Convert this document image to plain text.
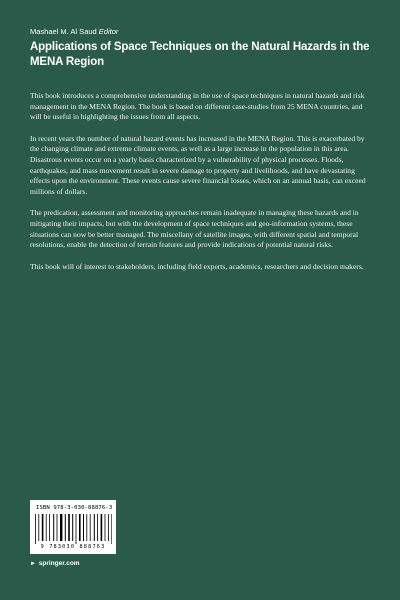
Mashael M. Al Saud Editor
Applications of Space Techniques on the Natural Hazards in the MENA Region

This book introduces a comprehensive understanding in the use of space techniques in natural hazards and risk management in the MENA Region. The book is based on different case-studies from 25 MENA countries, and will be useful in highlighting the issues from all aspects.

In recent years the number of natural hazard events has increased in the MENA Region. This is exacerbated by the changing climate and extreme climate events, as well as a large increase in the population in this area. Disastrous events occur on a yearly basis characterized by a vulnerability of physical processes. Floods, earthquakes, and mass movement result in severe damage to property and livelihoods, and have devastating effects upon the environment. These events cause severe financial losses, which on an annual basis, can exceed millions of dollars.

The predication, assessment and monitoring approaches remain inadequate in managing these hazards and in mitigating their impacts, but with the development of space techniques and geo-information systems, these situations can now be better managed. The miscellany of satellite images, with different spatial and temporal resolutions, enable the detection of terrain features and provide indications of potential natural risks.

This book will of interest to stakeholders, including field experts, academics, researchers and decision makers.

ISBN 978-3-030-88876-3
9 783030 888763
► springer.com
